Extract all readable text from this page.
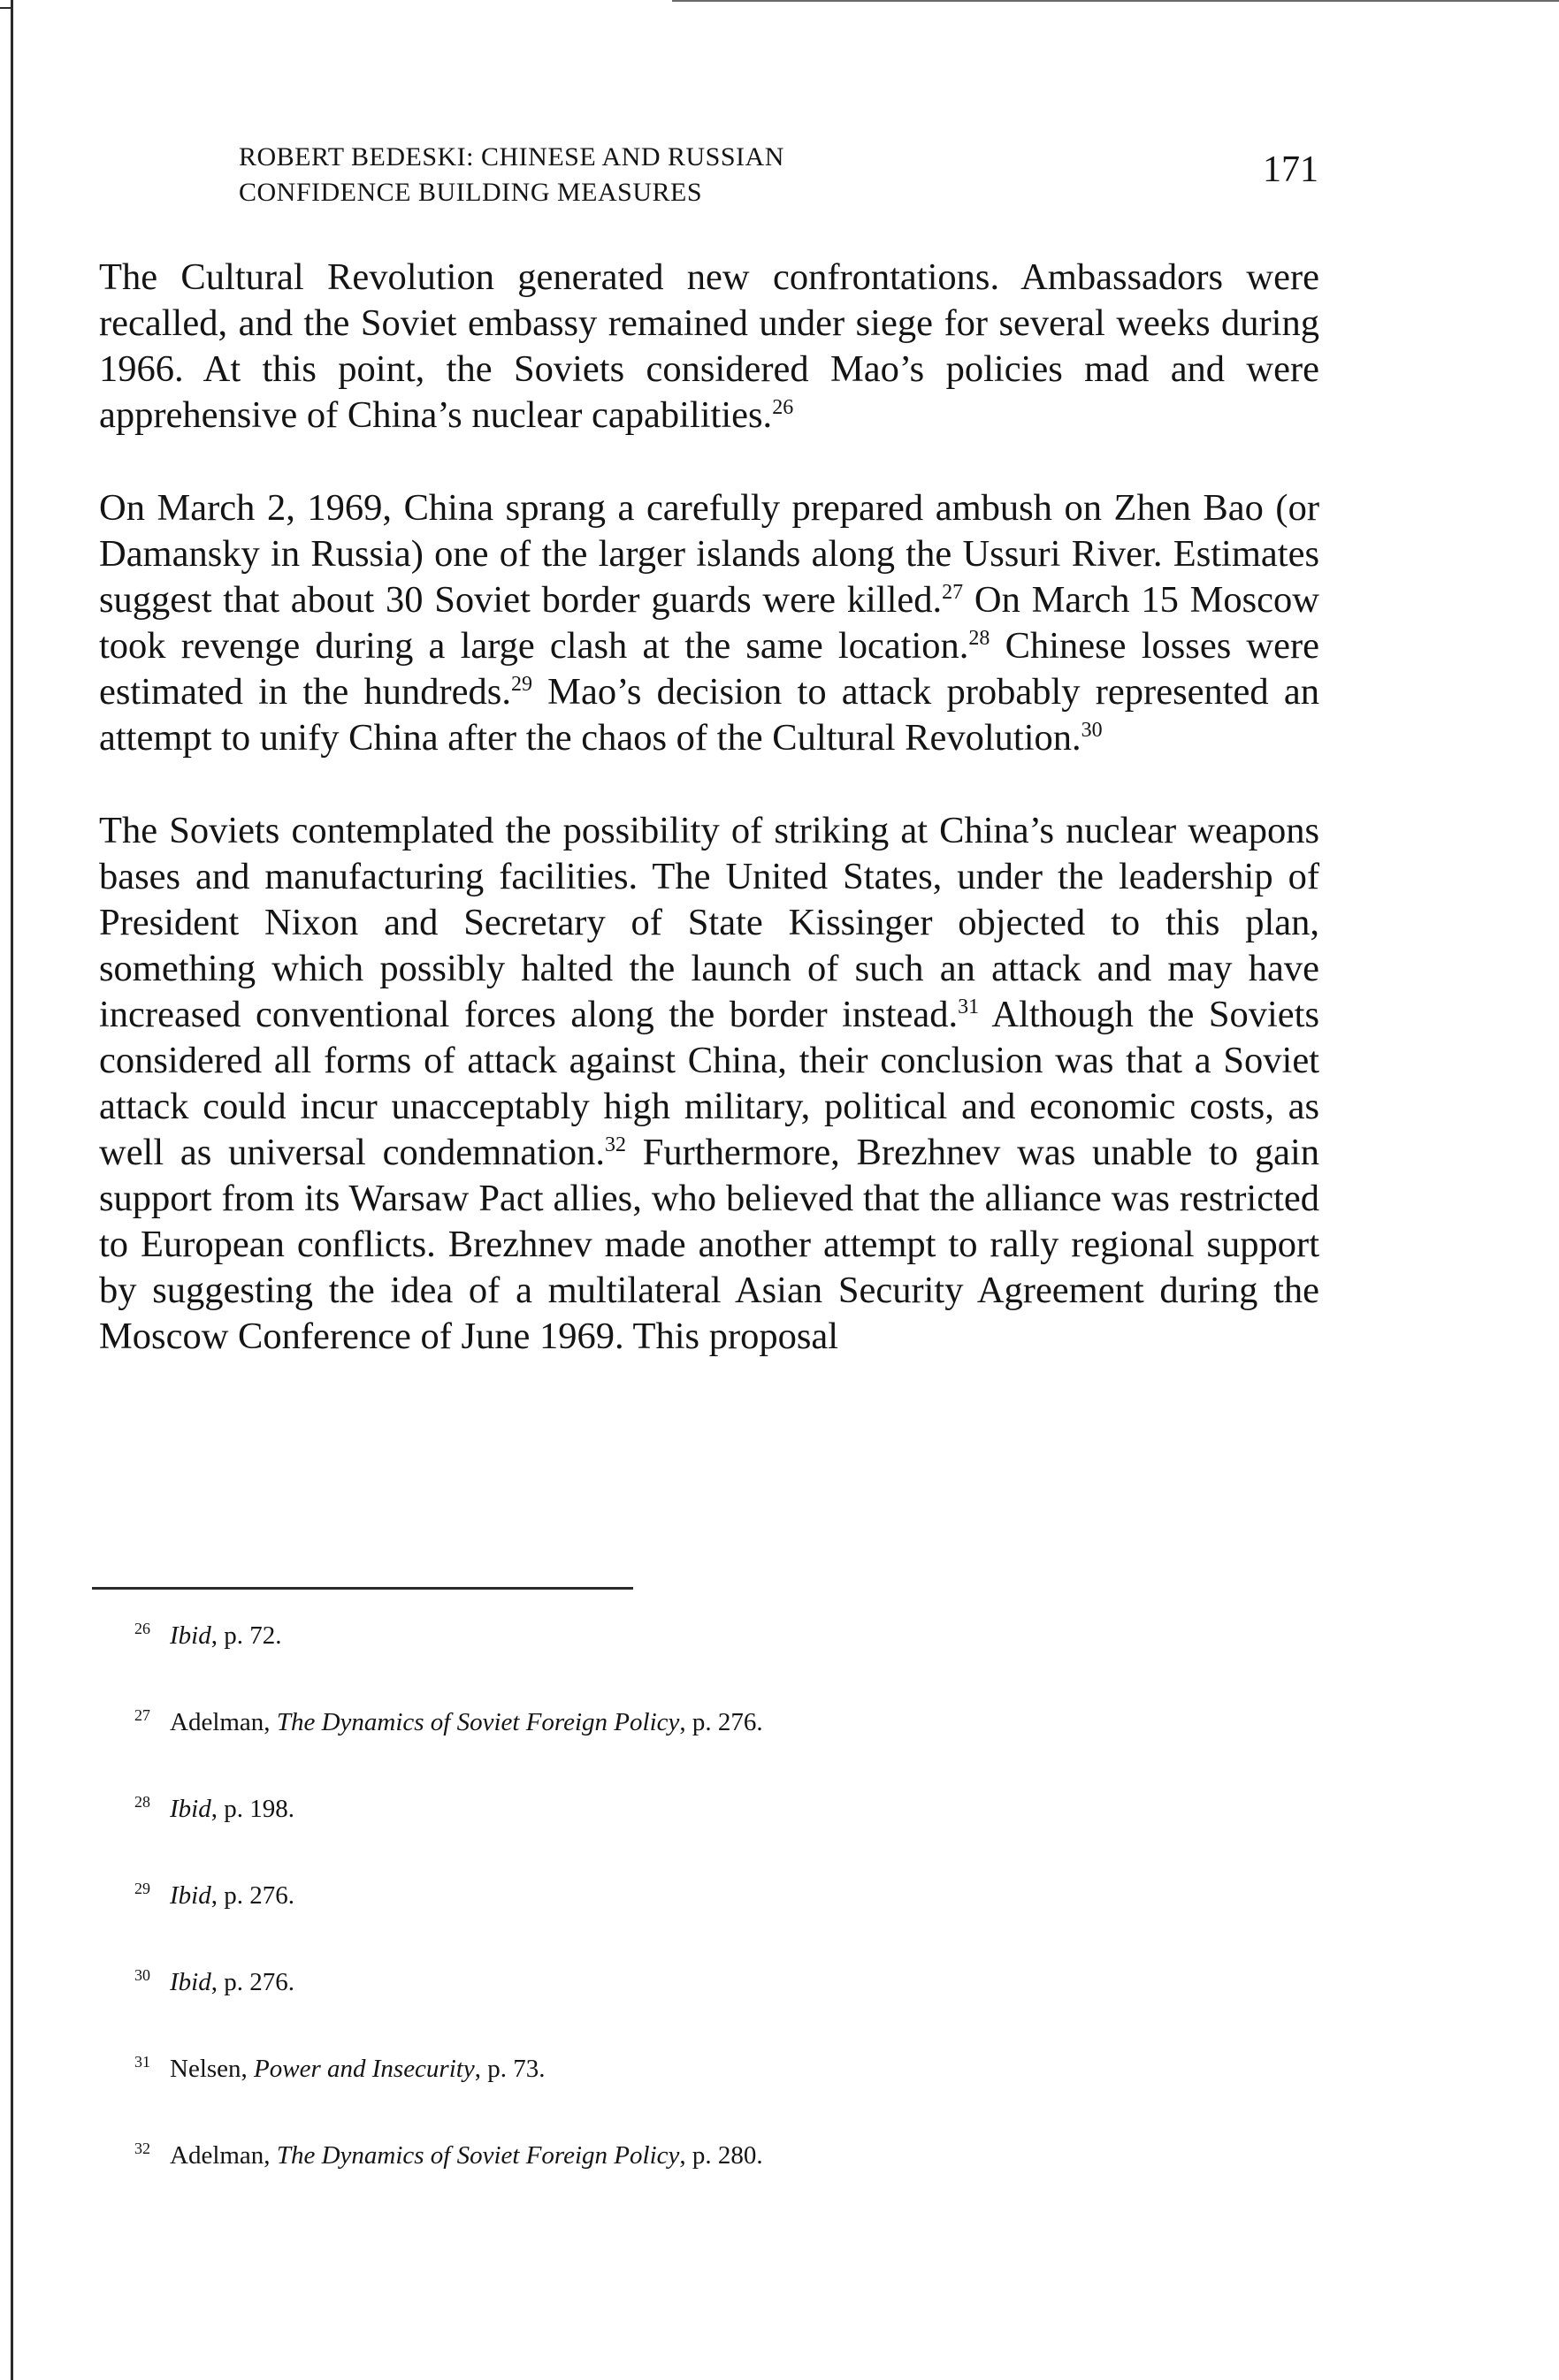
ROBERT BEDESKI: CHINESE AND RUSSIAN
CONFIDENCE BUILDING MEASURES
171

The Cultural Revolution generated new confrontations. Ambassadors were recalled, and the Soviet embassy remained under siege for several weeks during 1966. At this point, the Soviets considered Mao’s policies mad and were apprehensive of China’s nuclear capabilities.$^{26}$

On March 2, 1969, China sprang a carefully prepared ambush on Zhen Bao (or Damansky in Russia) one of the larger islands along the Ussuri River. Estimates suggest that about 30 Soviet border guards were killed.$^{27}$ On March 15 Moscow took revenge during a large clash at the same location.$^{28}$ Chinese losses were estimated in the hundreds.$^{29}$ Mao’s decision to attack probably represented an attempt to unify China after the chaos of the Cultural Revolution.$^{30}$

The Soviets contemplated the possibility of striking at China’s nuclear weapons bases and manufacturing facilities. The United States, under the leadership of President Nixon and Secretary of State Kissinger objected to this plan, something which possibly halted the launch of such an attack and may have increased conventional forces along the border instead.$^{31}$ Although the Soviets considered all forms of attack against China, their conclusion was that a Soviet attack could incur unacceptably high military, political and economic costs, as well as universal condemnation.$^{32}$ Furthermore, Brezhnev was unable to gain support from its Warsaw Pact allies, who believed that the alliance was restricted to European conflicts. Brezhnev made another attempt to rally regional support by suggesting the idea of a multilateral Asian Security Agreement during the Moscow Conference of June 1969. This proposal

26 Ibid, p. 72.
27 Adelman, The Dynamics of Soviet Foreign Policy, p. 276.
28 Ibid, p. 198.
29 Ibid, p. 276.
30 Ibid, p. 276.
31 Nelsen, Power and Insecurity, p. 73.
32 Adelman, The Dynamics of Soviet Foreign Policy, p. 280.
